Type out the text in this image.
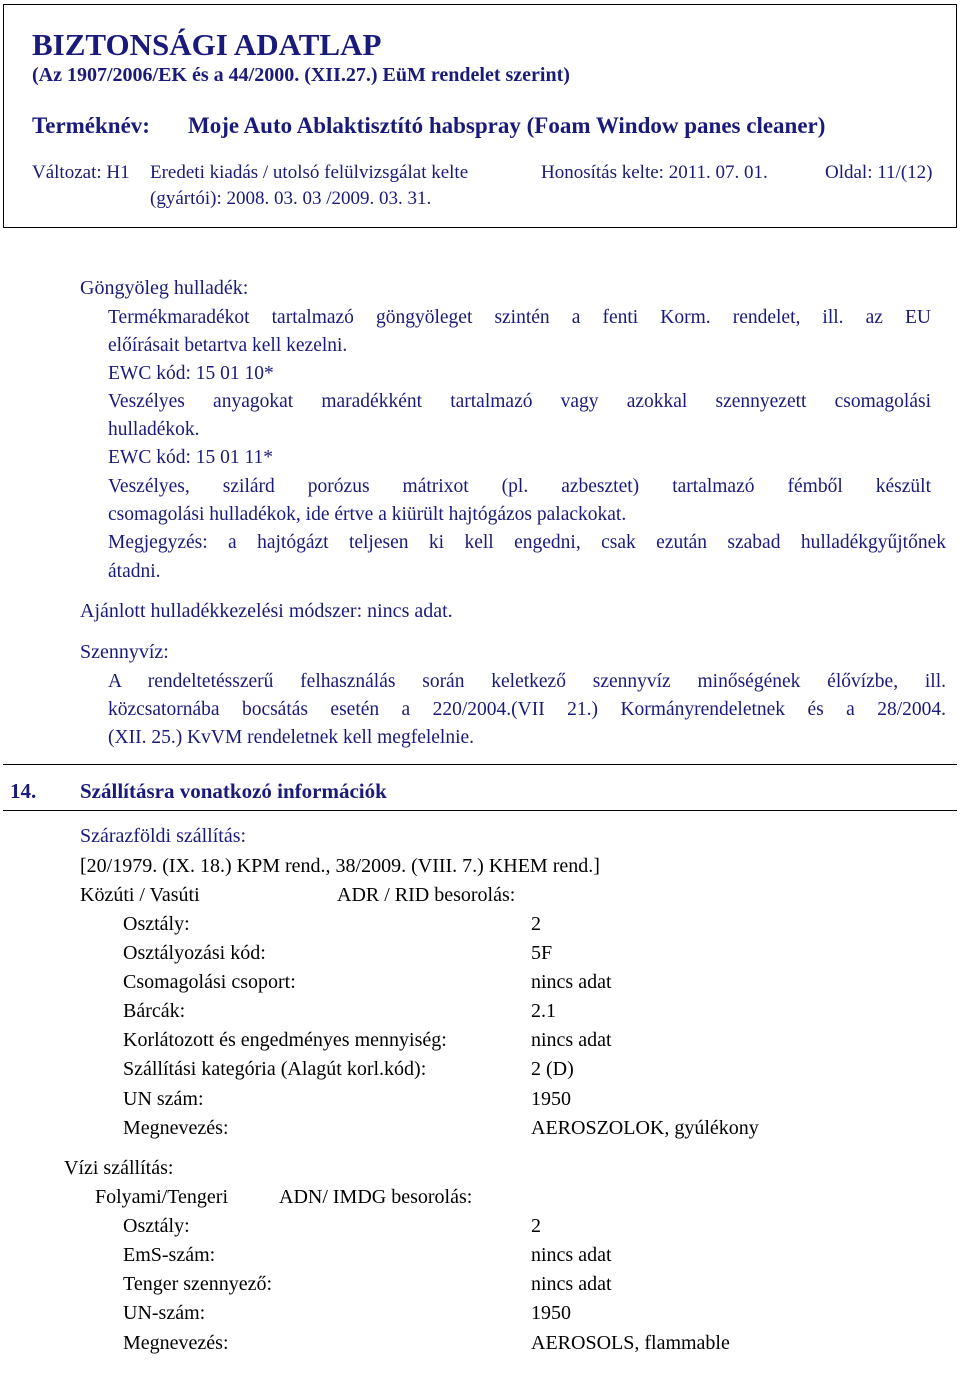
BIZTONSÁGI ADATLAP
(Az 1907/2006/EK és a 44/2000. (XII.27.) EüM rendelet szerint)
Terméknév: Moje Auto Ablaktisztító habspray (Foam Window panes cleaner)
Változat: H1 Eredeti kiadás / utolsó felülvizsgálat kelte
(gyártói): 2008. 03. 03 /2009. 03. 31.
Honosítás kelte: 2011. 07. 01.	Oldal: 11/(12)
Göngyöleg hulladék:
Termékmaradékot tartalmazó göngyöleget szintén a fenti Korm. rendelet, ill. az EU
előírásait betartva kell kezelni.
EWC kód: 15 01 10*
Veszélyes anyagokat maradékként tartalmazó vagy azokkal szennyezett csomagolási
hulladékok.
EWC kód: 15 01 11*
Veszélyes, szilárd porózus mátrixot (pl. azbesztet) tartalmazó fémből készült
csomagolási hulladékok, ide értve a kiürült hajtógázos palackokat.
Megjegyzés: a hajtógázt teljesen ki kell engedni, csak ezután szabad hulladékgyűjtőnek
átadni.
Ajánlott hulladékkezelési módszer: nincs adat.
Szennyvíz:
A rendeltetésszerű felhasználás során keletkező szennyvíz minőségének élővízbe, ill.
közcsatornába bocsátás esetén a 220/2004.(VII 21.) Kormányrendeletnek és a 28/2004.
(XII. 25.) KvVM rendeletnek kell megfelelnie.
14. Szállításra vonatkozó információk
Szárazföldi szállítás:
[20/1979. (IX. 18.) KPM rend., 38/2009. (VIII. 7.) KHEM rend.]
Közúti / Vasúti	ADR / RID besorolás:
Osztály:	2
Osztályozási kód:	5F
Csomagolási csoport:	nincs adat
Bárcák:	2.1
Korlátozott és engedményes mennyiség:	nincs adat
Szállítási kategória (Alagút korl.kód):	2 (D)
UN szám:	1950
Megnevezés:	AEROSZOLOK, gyúlékony
Vízi szállítás:
Folyami/Tengeri	ADN/ IMDG besorolás:
Osztály:	2
EmS-szám:	nincs adat
Tenger szennyező:	nincs adat
UN-szám:	1950
Megnevezés:	AEROSOLS, flammable
